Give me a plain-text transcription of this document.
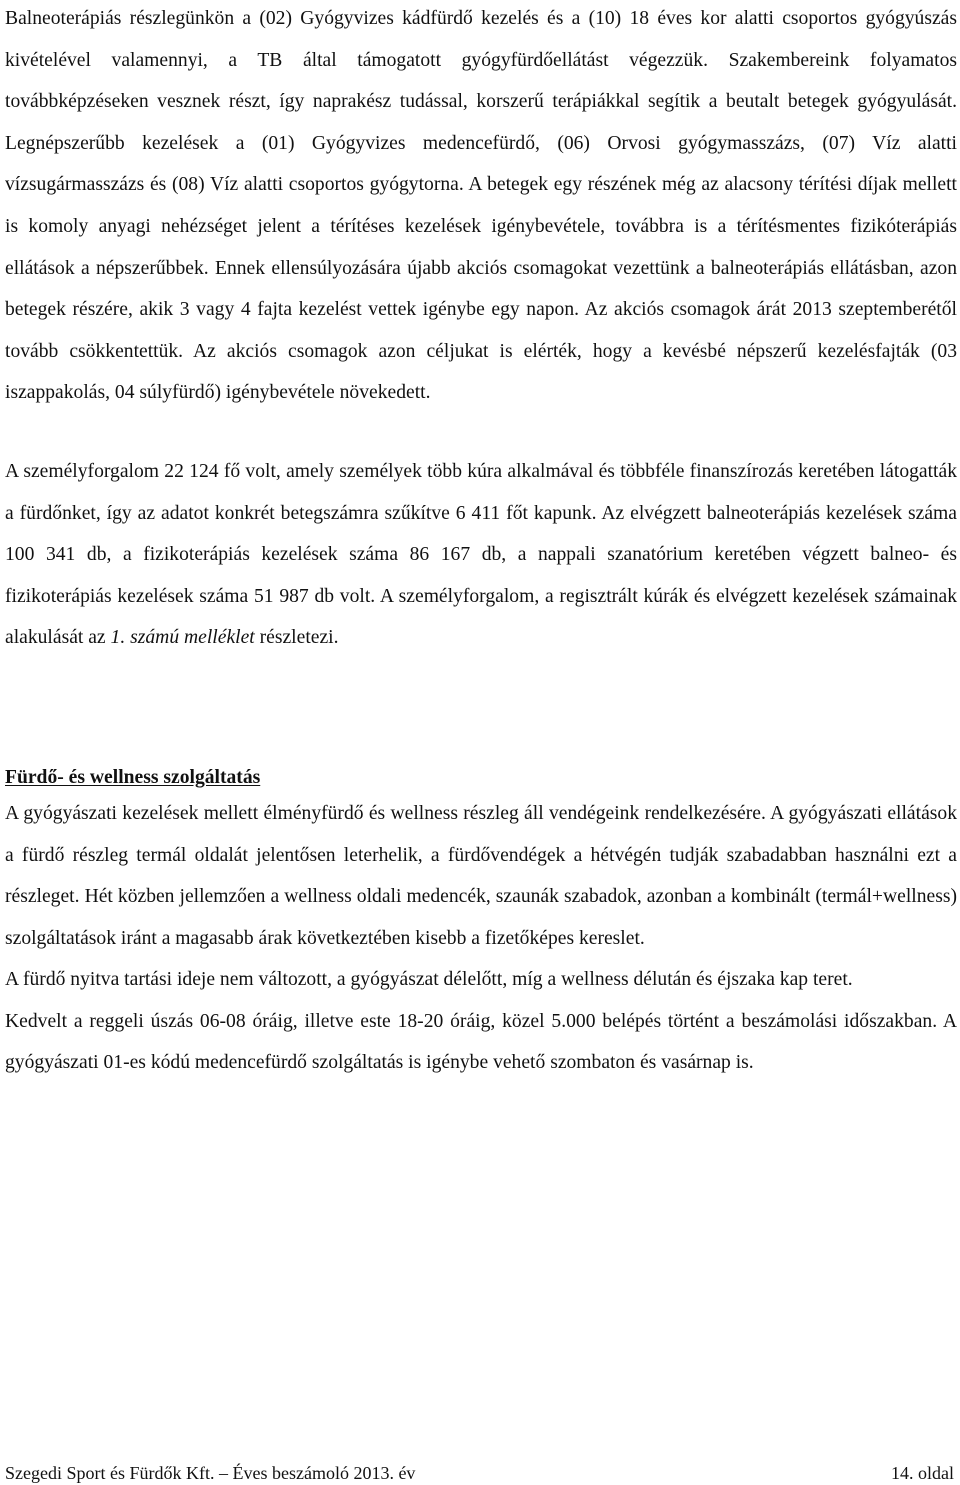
Balneoterápiás részlegünkön a (02) Gyógyvizes kádfürdő kezelés és a (10) 18 éves kor alatti csoportos gyógyúszás kivételével valamennyi, a TB által támogatott gyógyfürdőellátást végezzük. Szakembereink folyamatos továbbképzéseken vesznek részt, így naprakész tudással, korszerű terápiákkal segítik a beutalt betegek gyógyulását. Legnépszerűbb kezelések a (01) Gyógyvizes medencefürdő, (06) Orvosi gyógymasszázs, (07) Víz alatti vízsugármasszázs és (08) Víz alatti csoportos gyógytorna. A betegek egy részének még az alacsony térítési díjak mellett is komoly anyagi nehézséget jelent a térítéses kezelések igénybevétele, továbbra is a térítésmentes fizikóterápiás ellátások a népszerűbbek. Ennek ellensúlyozására újabb akciós csomagokat vezettünk a balneoterápiás ellátásban, azon betegek részére, akik 3 vagy 4 fajta kezelést vettek igénybe egy napon. Az akciós csomagok árát 2013 szeptemberétől tovább csökkentettük. Az akciós csomagok azon céljukat is elérték, hogy a kevésbé népszerű kezelésfajták (03 iszappakolás, 04 súlyfürdő) igénybevétele növekedett.

A személyforgalom 22 124 fő volt, amely személyek több kúra alkalmával és többféle finanszírozás keretében látogatták a fürdőnket, így az adatot konkrét betegszámra szűkítve 6 411 főt kapunk. Az elvégzett balneoterápiás kezelések száma 100 341 db, a fizikoterápiás kezelések száma 86 167 db, a nappali szanatórium keretében végzett balneo- és fizikoterápiás kezelések száma 51 987 db volt. A személyforgalom, a regisztrált kúrák és elvégzett kezelések számainak alakulását az 1. számú melléklet részletezi.

Fürdő- és wellness szolgáltatás

A gyógyászati kezelések mellett élményfürdő és wellness részleg áll vendégeink rendelkezésére. A gyógyászati ellátások a fürdő részleg termál oldalát jelentősen leterhelik, a fürdővendégek a hétvégén tudják szabadabban használni ezt a részleget. Hét közben jellemzően a wellness oldali medencék, szaunák szabadok, azonban a kombinált (termál+wellness) szolgáltatások iránt a magasabb árak következtében kisebb a fizetőképes kereslet.

A fürdő nyitva tartási ideje nem változott, a gyógyászat délelőtt, míg a wellness délután és éjszaka kap teret.

Kedvelt a reggeli úszás 06-08 óráig, illetve este 18-20 óráig, közel 5.000 belépés történt a beszámolási időszakban. A gyógyászati 01-es kódú medencefürdő szolgáltatás is igénybe vehető szombaton és vasárnap is.

Szegedi Sport és Fürdők Kft. – Éves beszámoló 2013. év	14. oldal
